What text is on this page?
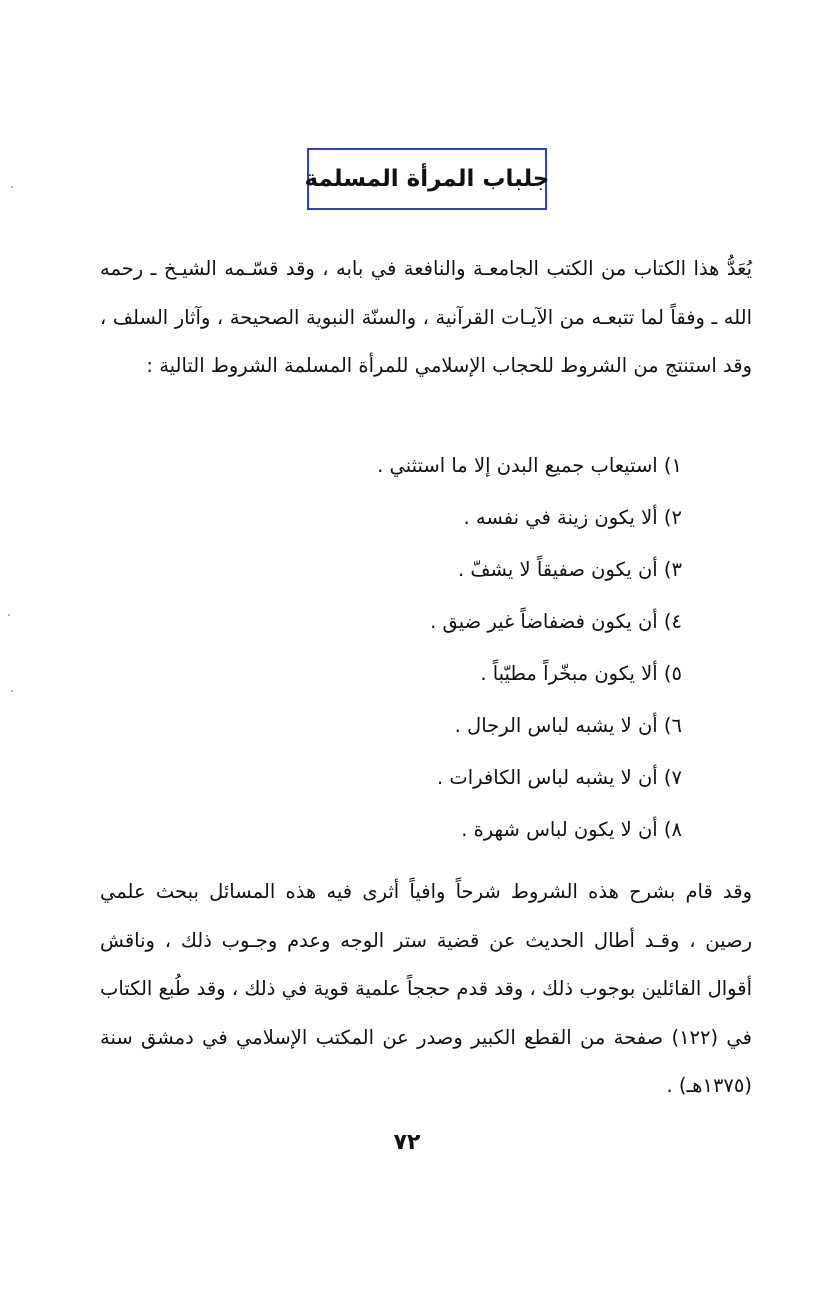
جلباب المرأة المسلمة

يُعَدُّ هذا الكتاب من الكتب الجامعـة والنافعة في بابه ، وقد قسّـمه الشيـخ ـ رحمه الله ـ وفقاً لما تتبعـه من الآيـات القرآنية ، والسنّة النبوية الصحيحة ، وآثار السلف ، وقد استنتج من الشروط للحجاب الإسلامي للمرأة المسلمة الشروط التالية :

١) استيعاب جميع البدن إلا ما استثني .
٢) ألا يكون زينة في نفسه .
٣) أن يكون صفيقاً لا يشفّ .
٤) أن يكون فضفاضاً غير ضيق .
٥) ألا يكون مبخّراً مطيّباً .
٦) أن لا يشبه لباس الرجال .
٧) أن لا يشبه لباس الكافرات .
٨) أن لا يكون لباس شهرة .

وقد قام بشرح هذه الشروط شرحاً وافياً أثرى فيه هذه المسائل ببحث علمي رصين ، وقـد أطال الحديث عن قضية ستر الوجه وعدم وجـوب ذلك ، وناقش أقوال القائلين بوجوب ذلك ، وقد قدم حججاً علمية قوية في ذلك ، وقد طُبع الكتاب في (١٢٢) صفحة من القطع الكبير وصدر عن المكتب الإسلامي في دمشق سنة (١٣٧٥هـ) .

٧٢
